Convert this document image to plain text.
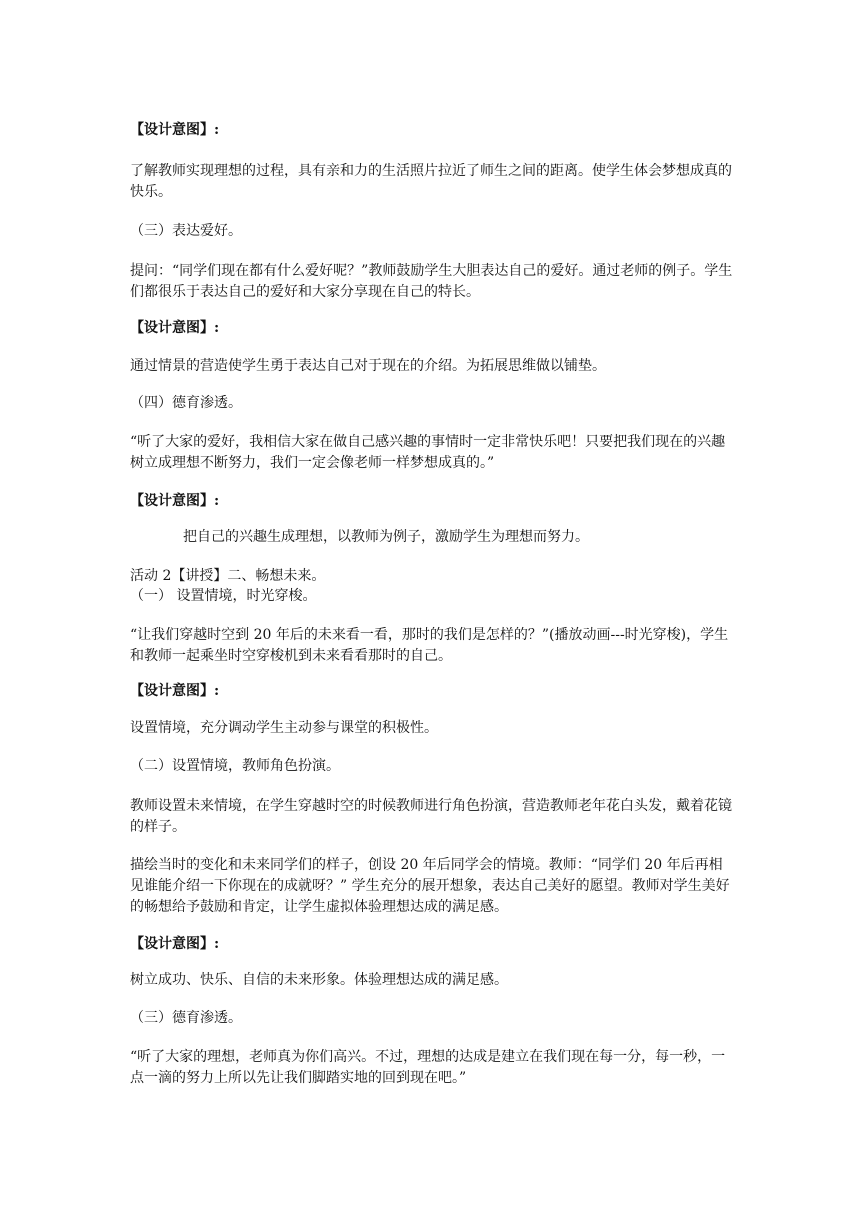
【设计意图】:

了解教师实现理想的过程，具有亲和力的生活照片拉近了师生之间的距离。使学生体会梦想成真的快乐。

（三）表达爱好。

提问：“同学们现在都有什么爱好呢？”教师鼓励学生大胆表达自己的爱好。通过老师的例子。学生们都很乐于表达自己的爱好和大家分享现在自己的特长。

【设计意图】:

通过情景的营造使学生勇于表达自己对于现在的介绍。为拓展思维做以铺垫。

（四）德育渗透。

“听了大家的爱好，我相信大家在做自己感兴趣的事情时一定非常快乐吧！只要把我们现在的兴趣树立成理想不断努力，我们一定会像老师一样梦想成真的。”

【设计意图】:

把自己的兴趣生成理想，以教师为例子，激励学生为理想而努力。

活动 2【讲授】二、畅想未来。

（一） 设置情境，时光穿梭。

“让我们穿越时空到 20 年后的未来看一看，那时的我们是怎样的？”(播放动画---时光穿梭)，学生和教师一起乘坐时空穿梭机到未来看看那时的自己。

【设计意图】:

设置情境，充分调动学生主动参与课堂的积极性。

（二）设置情境，教师角色扮演。

教师设置未来情境，在学生穿越时空的时候教师进行角色扮演，营造教师老年花白头发，戴着花镜的样子。

描绘当时的变化和未来同学们的样子，创设 20 年后同学会的情境。教师：“同学们 20 年后再相见谁能介绍一下你现在的成就呀？” 学生充分的展开想象，表达自己美好的愿望。教师对学生美好的畅想给予鼓励和肯定，让学生虚拟体验理想达成的满足感。

【设计意图】:

树立成功、快乐、自信的未来形象。体验理想达成的满足感。

（三）德育渗透。

“听了大家的理想，老师真为你们高兴。不过，理想的达成是建立在我们现在每一分，每一秒，一点一滴的努力上所以先让我们脚踏实地的回到现在吧。”
